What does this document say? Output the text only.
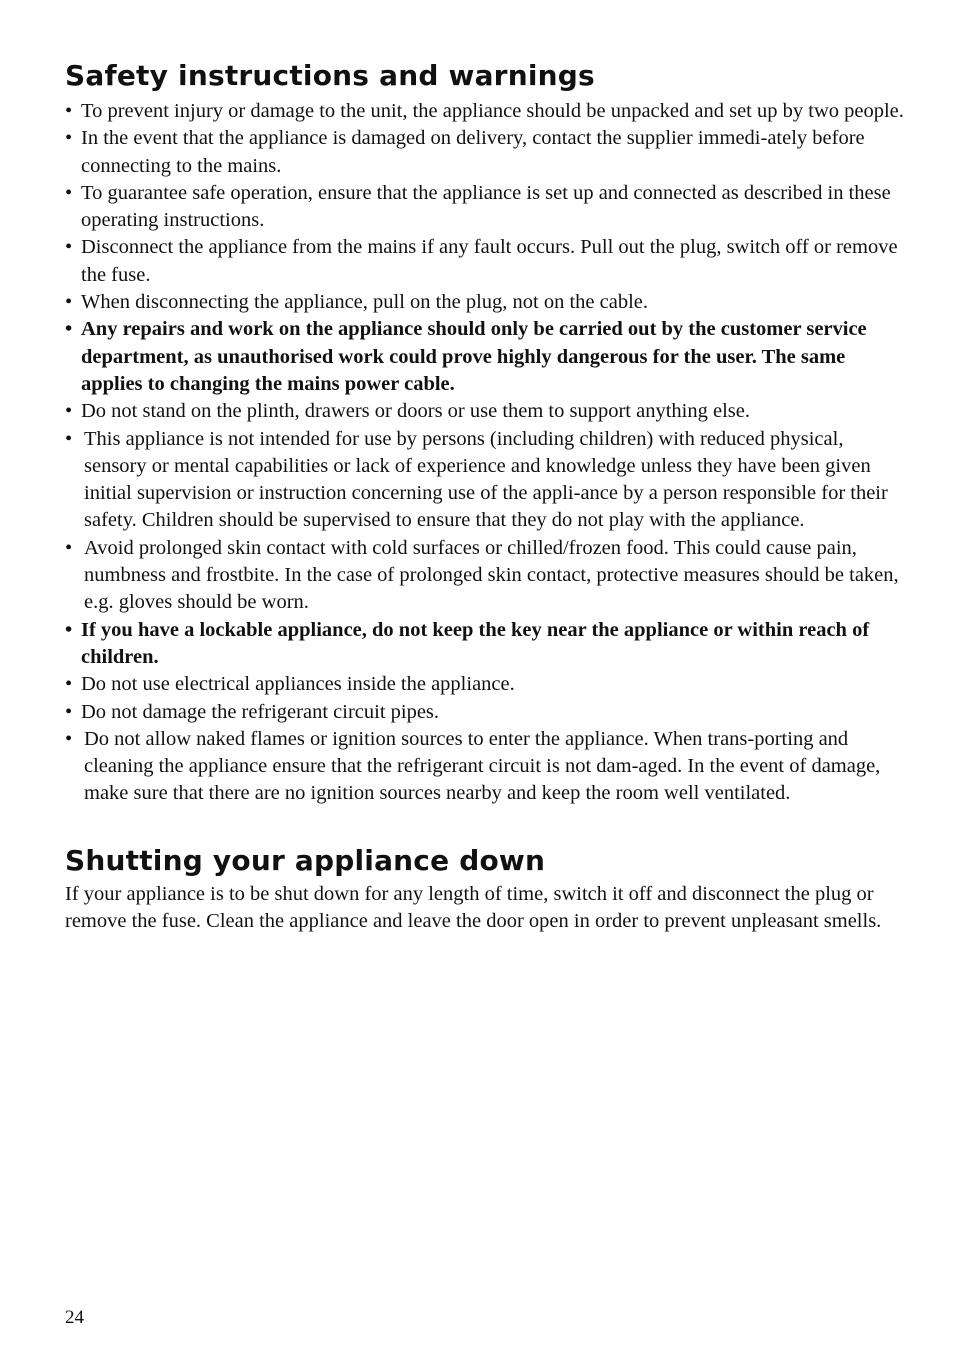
Safety instructions and warnings
• To prevent injury or damage to the unit, the appliance should be unpacked and set up by two people.
• In the event that the appliance is damaged on delivery, contact the supplier immedi-ately before connecting to the mains.
• To guarantee safe operation, ensure that the appliance is set up and connected as described in these operating instructions.
• Disconnect the appliance from the mains if any fault occurs. Pull out the plug, switch off or remove the fuse.
• When disconnecting the appliance, pull on the plug, not on the cable.
• Any repairs and work on the appliance should only be carried out by the customer service department, as unauthorised work could prove highly dangerous for the user. The same applies to changing the mains power cable.
• Do not stand on the plinth, drawers or doors or use them to support anything else.
• This appliance is not intended for use by persons (including children) with reduced physical, sensory or mental capabilities or lack of experience and knowledge unless they have been given initial supervision or instruction concerning use of the appli-ance by a person responsible for their safety. Children should be supervised to ensure that they do not play with the appliance.
• Avoid prolonged skin contact with cold surfaces or chilled/frozen food. This could cause pain, numbness and frostbite. In the case of prolonged skin contact, protective measures should be taken, e.g. gloves should be worn.
• If you have a lockable appliance, do not keep the key near the appliance or within reach of children.
• Do not use electrical appliances inside the appliance.
• Do not damage the refrigerant circuit pipes.
• Do not allow naked flames or ignition sources to enter the appliance. When trans-porting and cleaning the appliance ensure that the refrigerant circuit is not dam-aged. In the event of damage, make sure that there are no ignition sources nearby and keep the room well ventilated.
Shutting your appliance down

If your appliance is to be shut down for any length of time, switch it off and disconnect the plug or remove the fuse. Clean the appliance and leave the door open in order to prevent unpleasant smells.

24
